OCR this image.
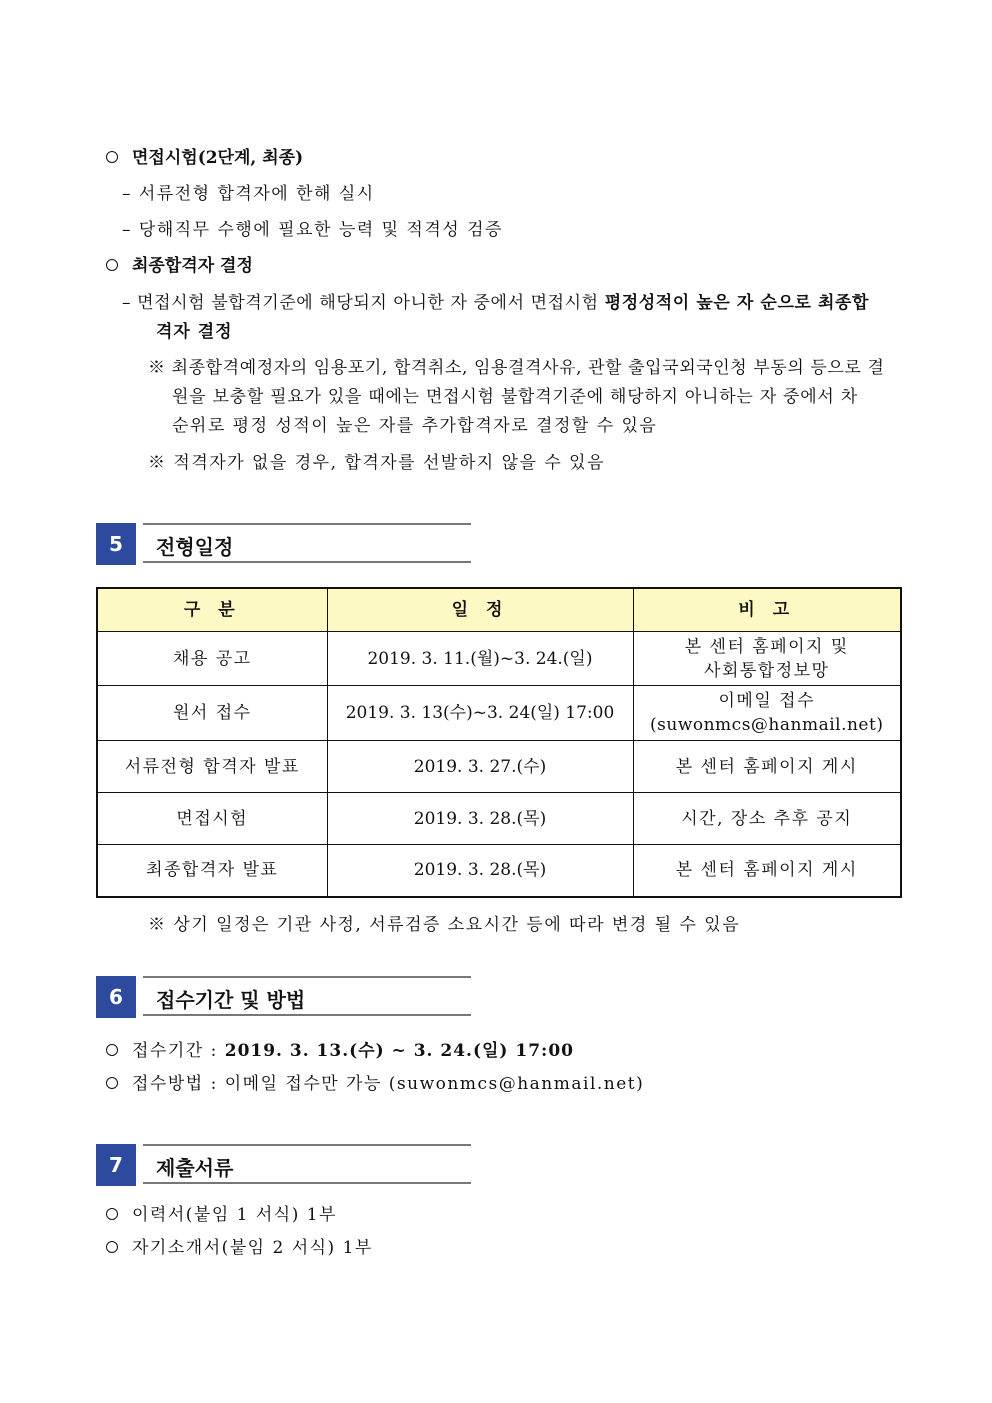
면접시험(2단계, 최종)
– 서류전형 합격자에 한해 실시
– 당해직무 수행에 필요한 능력 및 적격성 검증
최종합격자 결정
– 면접시험 불합격기준에 해당되지 아니한 자 중에서 면접시험 평정성적이 높은 자 순으로 최종합
격자 결정
※ 최종합격예정자의 임용포기, 합격취소, 임용결격사유, 관할 출입국외국인청 부동의 등으로 결
원을 보충할 필요가 있을 때에는 면접시험 불합격기준에 해당하지 아니하는 자 중에서 차
순위로 평정 성적이 높은 자를 추가합격자로 결정할 수 있음
※ 적격자가 없을 경우, 합격자를 선발하지 않을 수 있음
5	전형일정
구 분	일 정	비 고
채용 공고	2019. 3. 11.(월)~3. 24.(일)	본 센터 홈페이지 및
사회통합정보망

원서 접수	2019. 3. 13(수)~3. 24(일) 17:00	이메일 접수
(suwonmcs@hanmail.net)

서류전형 합격자 발표	2019. 3. 27.(수)	본 센터 홈페이지 게시
면접시험	2019. 3. 28.(목)	시간, 장소 추후 공지
최종합격자 발표	2019. 3. 28.(목)	본 센터 홈페이지 게시
※ 상기 일정은 기관 사정, 서류검증 소요시간 등에 따라 변경 될 수 있음
6	접수기간 및 방법
접수기간 : 2019. 3. 13.(수) ~ 3. 24.(일) 17:00
접수방법 : 이메일 접수만 가능 (suwonmcs@hanmail.net)
7	제출서류
이력서(붙임 1 서식) 1부
자기소개서(붙임 2 서식) 1부
